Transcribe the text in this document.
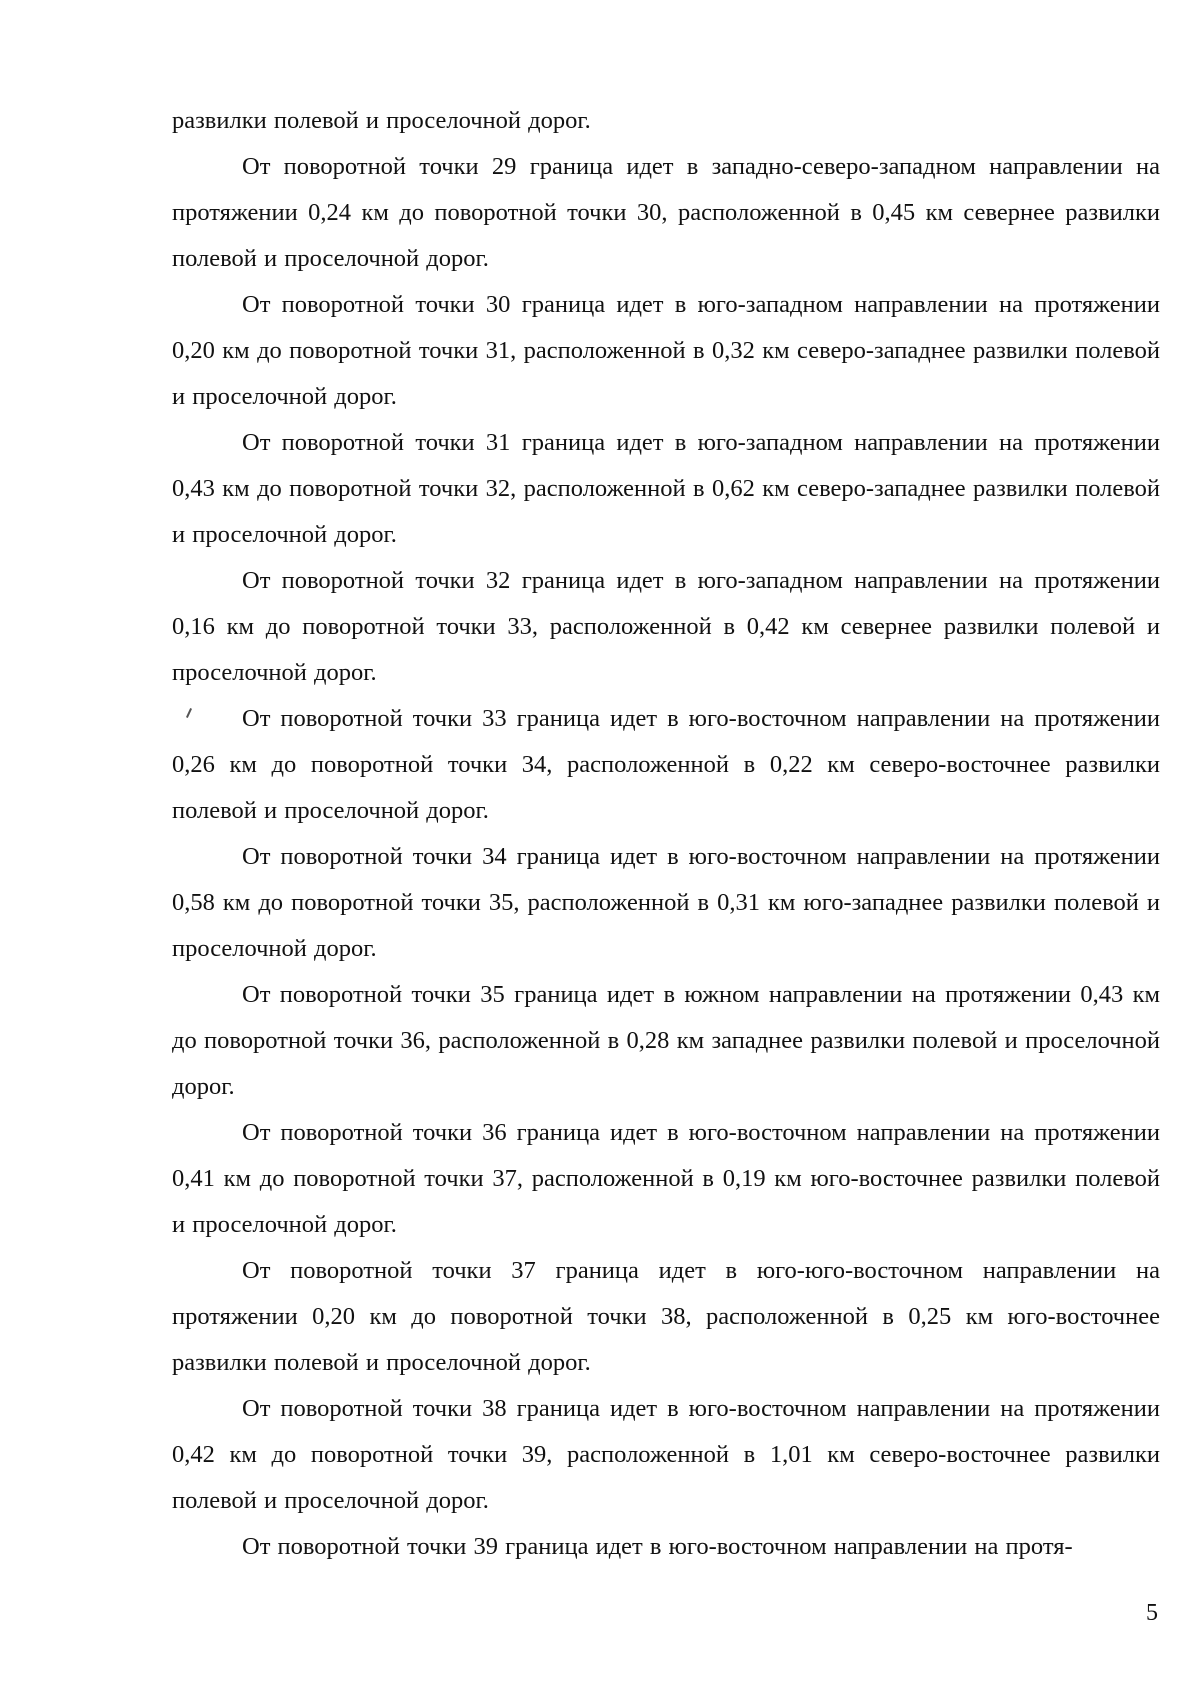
развилки полевой и проселочной дорог.

От поворотной точки 29 граница идет в западно-северо-западном направлении на протяжении 0,24 км до поворотной точки 30, расположенной в 0,45 км севернее развилки полевой и проселочной дорог.

От поворотной точки 30 граница идет в юго-западном направлении на протяжении 0,20 км до поворотной точки 31, расположенной в 0,32 км северо-западнее развилки полевой и проселочной дорог.

От поворотной точки 31 граница идет в юго-западном направлении на протяжении 0,43 км до поворотной точки 32, расположенной в 0,62 км северо-западнее развилки полевой и проселочной дорог.

От поворотной точки 32 граница идет в юго-западном направлении на протяжении 0,16 км до поворотной точки 33, расположенной в 0,42 км севернее развилки полевой и проселочной дорог.

От поворотной точки 33 граница идет в юго-восточном направлении на протяжении 0,26 км до поворотной точки 34, расположенной в 0,22 км северо-восточнее развилки полевой и проселочной дорог.

От поворотной точки 34 граница идет в юго-восточном направлении на протяжении 0,58 км до поворотной точки 35, расположенной в 0,31 км юго-западнее развилки полевой и проселочной дорог.

От поворотной точки 35 граница идет в южном направлении на протяжении 0,43 км до поворотной точки 36, расположенной в 0,28 км западнее развилки полевой и проселочной дорог.

От поворотной точки 36 граница идет в юго-восточном направлении на протяжении 0,41 км до поворотной точки 37, расположенной в 0,19 км юго-восточнее развилки полевой и проселочной дорог.

От поворотной точки 37 граница идет в юго-юго-восточном направлении на протяжении 0,20 км до поворотной точки 38, расположенной в 0,25 км юго-восточнее развилки полевой и проселочной дорог.

От поворотной точки 38 граница идет в юго-восточном направлении на протяжении 0,42 км до поворотной точки 39, расположенной в 1,01 км северо-восточнее развилки полевой и проселочной дорог.

От поворотной точки 39 граница идет в юго-восточном направлении на протя-

5
